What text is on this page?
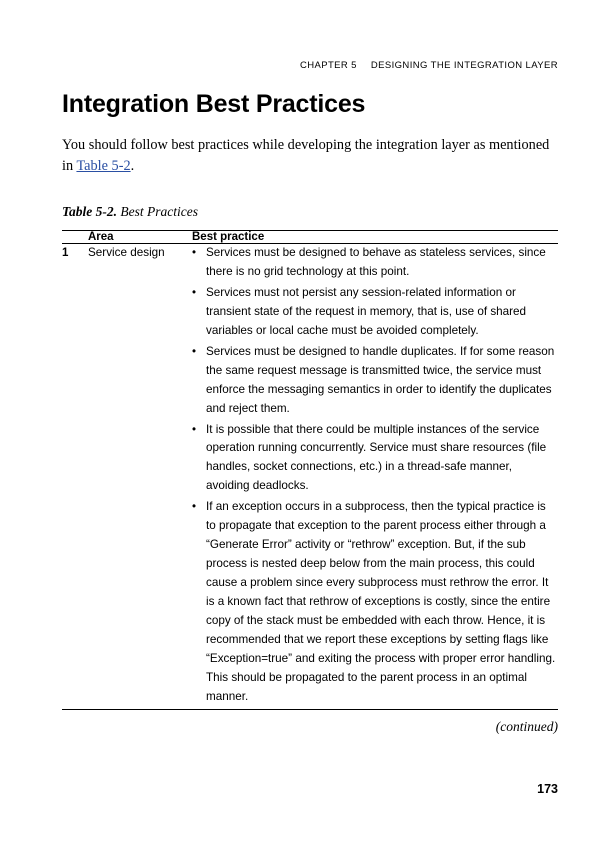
CHAPTER 5 DESIGNING THE INTEGRATION LAYER
Integration Best Practices

You should follow best practices while developing the integration layer as mentioned in Table 5-2.

Table 5-2. Best Practices
	Area	Best practice
1	Service design	
•Services must be designed to behave as stateless services, since there is no grid technology at this point.
• Services must not persist any session-related information or transient state of the request in memory, that is, use of shared variables or local cache must be avoided completely.
• Services must be designed to handle duplicates. If for some reason the same request message is transmitted twice, the service must enforce the messaging semantics in order to identify the duplicates and reject them.
• It is possible that there could be multiple instances of the service operation running concurrently. Service must share resources (file handles, socket connections, etc.) in a thread-safe manner, avoiding deadlocks.
• If an exception occurs in a subprocess, then the typical practice is to propagate that exception to the parent process either through a “Generate Error” activity or “rethrow” exception. But, if the sub process is nested deep below from the main process, this could cause a problem since every subprocess must rethrow the error. It is a known fact that rethrow of exceptions is costly, since the entire copy of the stack must be embedded with each throw. Hence, it is recommended that we report these exceptions by setting flags like “Exception=true” and exiting the process with proper error handling. This should be propagated to the parent process in an optimal manner.
(continued)
173
